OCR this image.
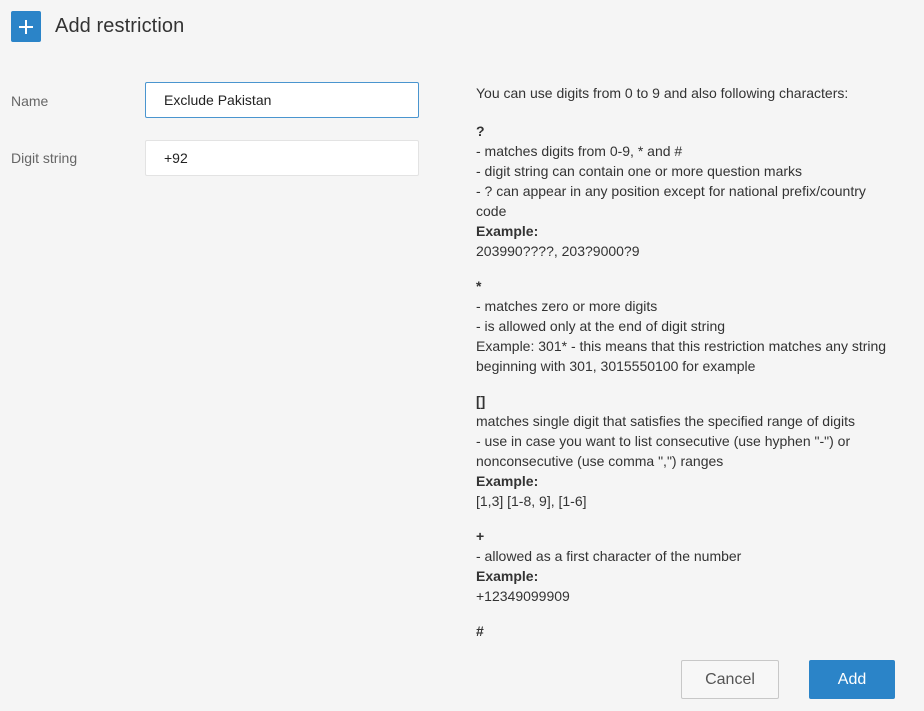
Add restriction
Name
Exclude Pakistan
Digit string
+92

You can use digits from 0 to 9 and also following characters:

?

- matches digits from 0-9, * and #

- digit string can contain one or more question marks

- ? can appear in any position except for national prefix/country code

Example:

203990????, 203?9000?9

*

- matches zero or more digits

- is allowed only at the end of digit string

Example: 301* - this means that this restriction matches any string beginning with 301, 3015550100 for example

[]

matches single digit that satisfies the specified range of digits

- use in case you want to list consecutive (use hyphen "-") or nonconsecutive (use comma ",") ranges

Example:

[1,3] [1-8, 9], [1-6]

+

- allowed as a first character of the number

Example:

+12349099909

#

Cancel	Add
